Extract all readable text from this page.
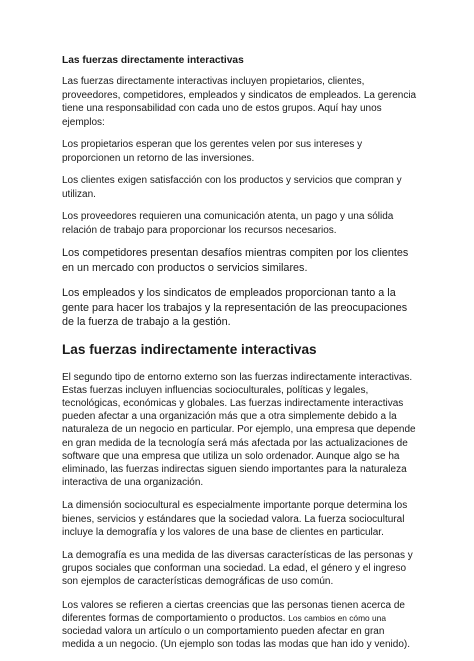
Las fuerzas directamente interactivas

Las fuerzas directamente interactivas incluyen propietarios, clientes, proveedores, competidores, empleados y sindicatos de empleados. La gerencia tiene una responsabilidad con cada uno de estos grupos. Aquí hay unos ejemplos:

Los propietarios esperan que los gerentes velen por sus intereses y proporcionen un retorno de las inversiones.

Los clientes exigen satisfacción con los productos y servicios que compran y utilizan.

Los proveedores requieren una comunicación atenta, un pago y una sólida relación de trabajo para proporcionar los recursos necesarios.

Los competidores presentan desafíos mientras compiten por los clientes en un mercado con productos o servicios similares.

Los empleados y los sindicatos de empleados proporcionan tanto a la gente para hacer los trabajos y la representación de las preocupaciones de la fuerza de trabajo a la gestión.

Las fuerzas indirectamente interactivas

El segundo tipo de entorno externo son las fuerzas indirectamente interactivas. Estas fuerzas incluyen influencias socioculturales, políticas y legales, tecnológicas, económicas y globales. Las fuerzas indirectamente interactivas pueden afectar a una organización más que a otra simplemente debido a la naturaleza de un negocio en particular. Por ejemplo, una empresa que depende en gran medida de la tecnología será más afectada por las actualizaciones de software que una empresa que utiliza un solo ordenador. Aunque algo se ha eliminado, las fuerzas indirectas siguen siendo importantes para la naturaleza interactiva de una organización.

La dimensión sociocultural es especialmente importante porque determina los bienes, servicios y estándares que la sociedad valora. La fuerza sociocultural incluye la demografía y los valores de una base de clientes en particular.

La demografía es una medida de las diversas características de las personas y grupos sociales que conforman una sociedad. La edad, el género y el ingreso son ejemplos de características demográficas de uso común.

Los valores se refieren a ciertas creencias que las personas tienen acerca de diferentes formas de comportamiento o productos. Los cambios en cómo una sociedad valora un artículo o un comportamiento pueden afectar en gran medida a un negocio. (Un ejemplo son todas las modas que han ido y venido).
